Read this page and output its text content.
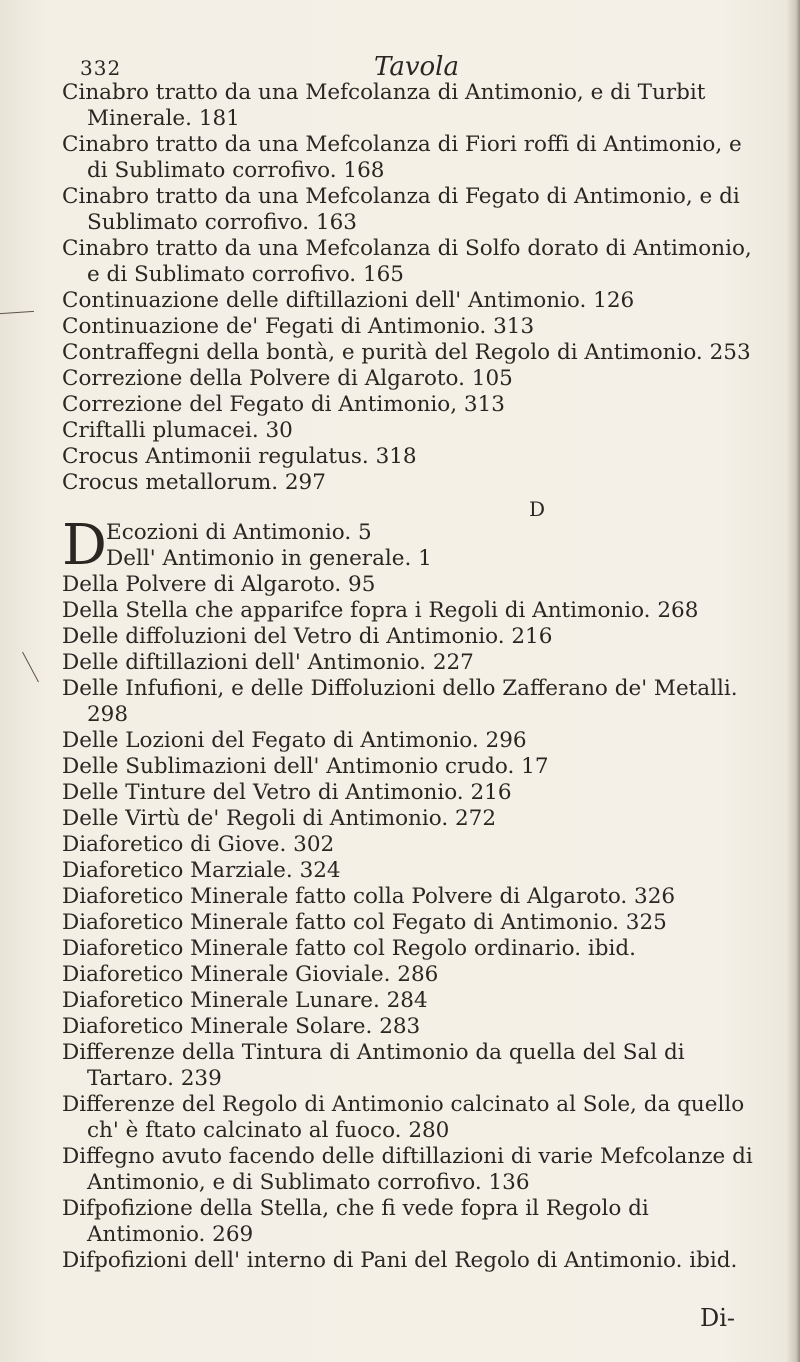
332	Tavola

Cinabro tratto da una Mefcolanza di Antimonio, e di Turbit Minerale. 181

Cinabro tratto da una Mefcolanza di Fiori roffi di Antimonio, e di Sublimato corrofivo. 168

Cinabro tratto da una Mefcolanza di Fegato di Antimonio, e di Sublimato corrofivo. 163

Cinabro tratto da una Mefcolanza di Solfo dorato di Antimonio, e di Sublimato corrofivo. 165

Continuazione delle diftillazioni dell' Antimonio. 126

Continuazione de' Fegati di Antimonio. 313

Contraffegni della bontà, e purità del Regolo di Antimonio. 253

Correzione della Polvere di Algaroto. 105

Correzione del Fegato di Antimonio, 313

Criftalli plumacei. 30

Crocus Antimonii regulatus. 318

Crocus metallorum. 297

D

D Ecozioni di Antimonio. 5
Dell' Antimonio in generale. 1

Della Polvere di Algaroto. 95

Della Stella che apparifce fopra i Regoli di Antimonio. 268

Delle diffoluzioni del Vetro di Antimonio. 216

Delle diftillazioni dell' Antimonio. 227

Delle Infufioni, e delle Diffoluzioni dello Zafferano de' Metalli. 298

Delle Lozioni del Fegato di Antimonio. 296

Delle Sublimazioni dell' Antimonio crudo. 17

Delle Tinture del Vetro di Antimonio. 216

Delle Virtù de' Regoli di Antimonio. 272

Diaforetico di Giove. 302

Diaforetico Marziale. 324

Diaforetico Minerale fatto colla Polvere di Algaroto. 326

Diaforetico Minerale fatto col Fegato di Antimonio. 325

Diaforetico Minerale fatto col Regolo ordinario. ibid.

Diaforetico Minerale Gioviale. 286

Diaforetico Minerale Lunare. 284

Diaforetico Minerale Solare. 283

Differenze della Tintura di Antimonio da quella del Sal di Tartaro. 239

Differenze del Regolo di Antimonio calcinato al Sole, da quello ch' è ftato calcinato al fuoco. 280

Diffegno avuto facendo delle diftillazioni di varie Mefcolanze di Antimonio, e di Sublimato corrofivo. 136

Difpofizione della Stella, che fi vede fopra il Regolo di Antimonio. 269

Difpofizioni dell' interno di Pani del Regolo di Antimonio. ibid.

Di-
